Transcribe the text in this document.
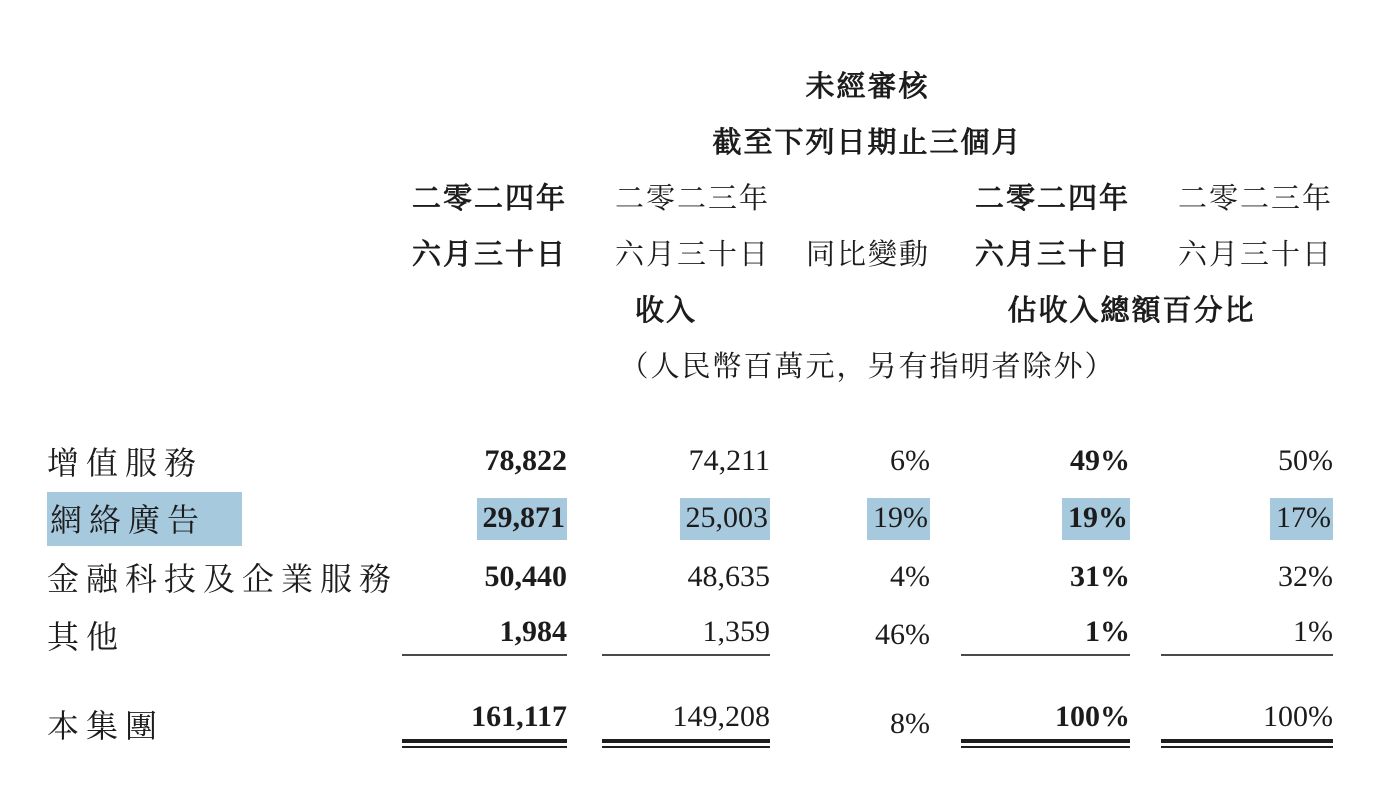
	未經審核				
	截至下列日期止三個月				
	二零二四年	二零二三年		二零二四年	二零二三年
	六月三十日	六月三十日	同比變動	六月三十日	六月三十日
	收入			佔收入總額百分比	
	（人民幣百萬元，另有指明者除外）				

增值服務	78,822	74,211	6%	49%	50%

網絡廣告	29,871	25,003	19%	19%	17%

金融科技及企業服務	50,440	48,635	4%	31%	32%

其他	1,984	1,359	46%	1%	1%

本集團	161,117	149,208	8%	100%	100%
